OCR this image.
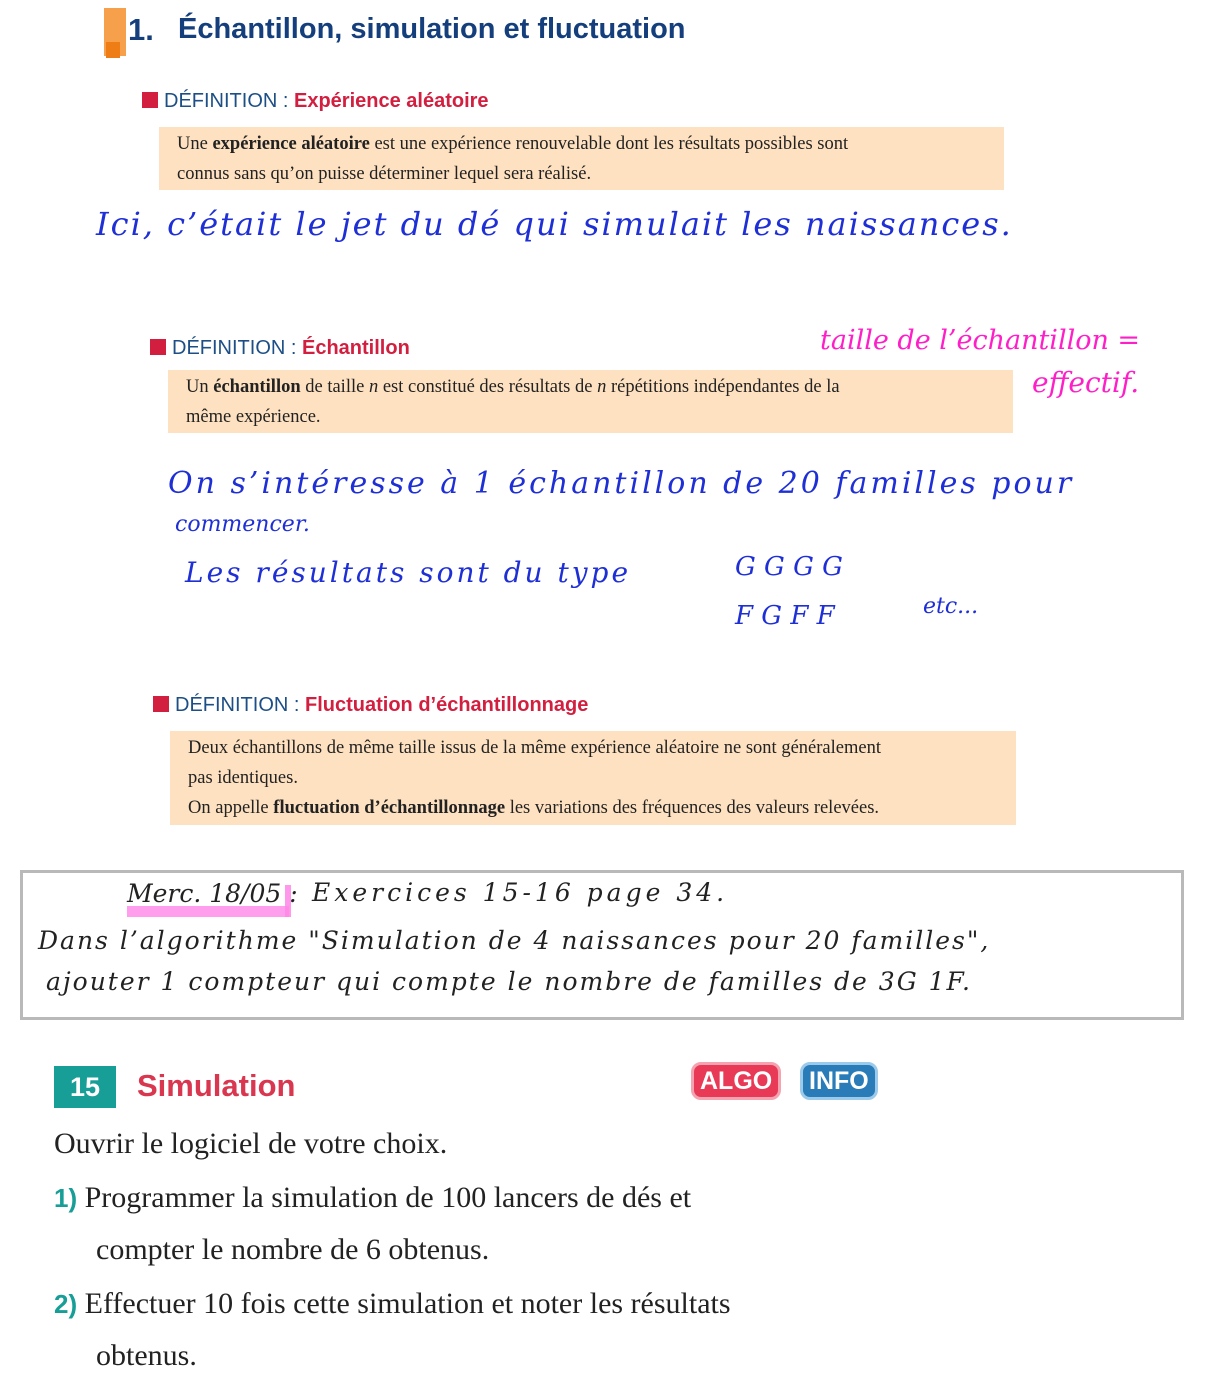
1. Échantillon, simulation et fluctuation
DÉFINITION : Expérience aléatoire
Une expérience aléatoire est une expérience renouvelable dont les résultats possibles sont
connus sans qu’on puisse déterminer lequel sera réalisé.
Ici, c’était le jet du dé qui simulait les naissances.
DÉFINITION : Échantillon
Un échantillon de taille n est constitué des résultats de n répétitions indépendantes de la
même expérience.
taille de l’échantillon =
effectif.
On s’intéresse à 1 échantillon de 20 familles pour
commencer.
Les résultats sont du type	G G G G
F G F F	etc...
DÉFINITION : Fluctuation d’échantillonnage
Deux échantillons de même taille issus de la même expérience aléatoire ne sont généralement
pas identiques.
On appelle fluctuation d’échantillonnage les variations des fréquences des valeurs relevées.
Merc. 18/05 : Exercices 15-16 page 34.
Dans l’algorithme "Simulation de 4 naissances pour 20 familles",
ajouter 1 compteur qui compte le nombre de familles de 3G 1F.
15	Simulation	ALGO	INFO
Ouvrir le logiciel de votre choix.
1) Programmer la simulation de 100 lancers de dés et
compter le nombre de 6 obtenus.
2) Effectuer 10 fois cette simulation et noter les résultats
obtenus.
